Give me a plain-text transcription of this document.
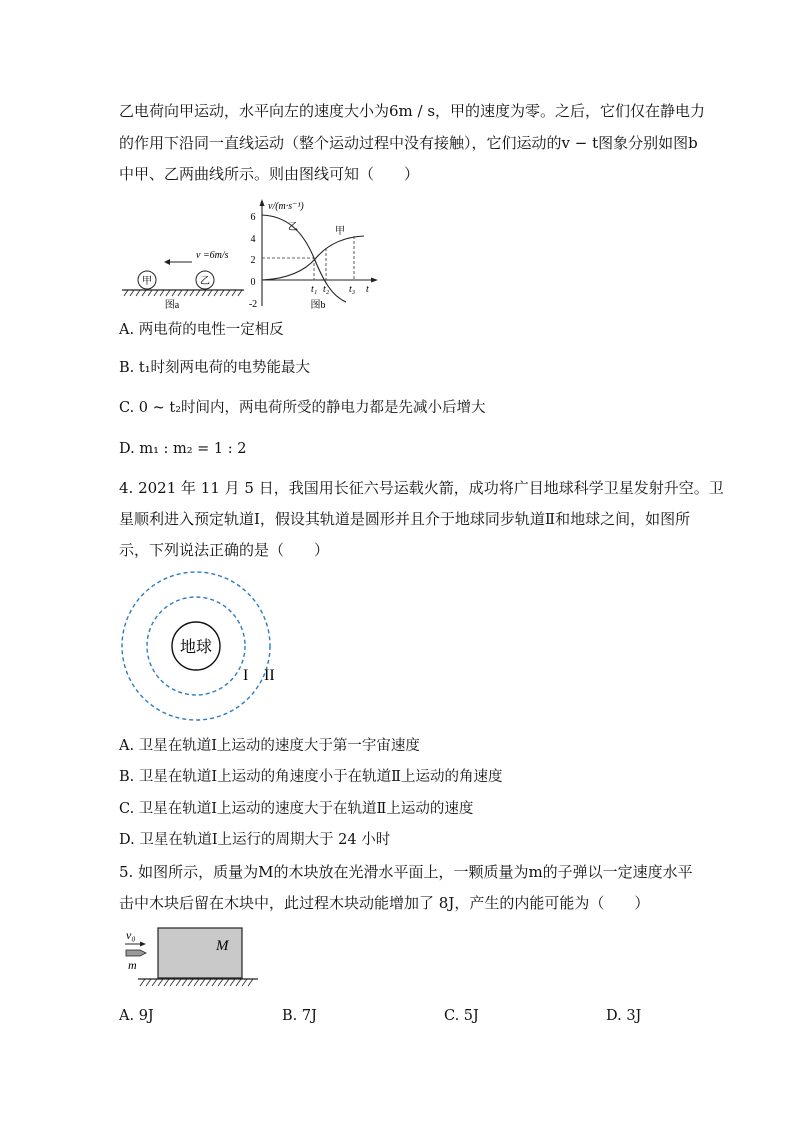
乙电荷向甲运动，水平向左的速度大小为6m / s，甲的速度为零。之后，它们仅在静电力
的作用下沿同一直线运动（整个运动过程中没有接触），它们运动的v − t图象分别如图b
中甲、乙两曲线所示。则由图线可知（　　）
甲	乙
v =6m/s
图a
v/(m·s⁻¹)
6
4
2
0
-2
乙	甲
t₁ t₂ t₃ t
图b
A. 两电荷的电性一定相反
B. t₁时刻两电荷的电势能最大
C. 0 ~ t₂时间内，两电荷所受的静电力都是先减小后增大
D. m₁ : m₂ = 1 : 2
4. 2021 年 11 月 5 日，我国用长征六号运载火箭，成功将广目地球科学卫星发射升空。卫
星顺利进入预定轨道Ⅰ，假设其轨道是圆形并且介于地球同步轨道Ⅱ和地球之间，如图所
示，下列说法正确的是（　　）
地球
I II
A. 卫星在轨道Ⅰ上运动的速度大于第一宇宙速度
B. 卫星在轨道Ⅰ上运动的角速度小于在轨道Ⅱ上运动的角速度
C. 卫星在轨道Ⅰ上运动的速度大于在轨道Ⅱ上运动的速度
D. 卫星在轨道Ⅰ上运行的周期大于 24 小时
5. 如图所示，质量为M的木块放在光滑水平面上，一颗质量为m的子弹以一定速度水平
击中木块后留在木块中，此过程木块动能增加了 8J，产生的内能可能为（　　）
M
v₀
m
A. 9J	B. 7J	C. 5J	D. 3J
